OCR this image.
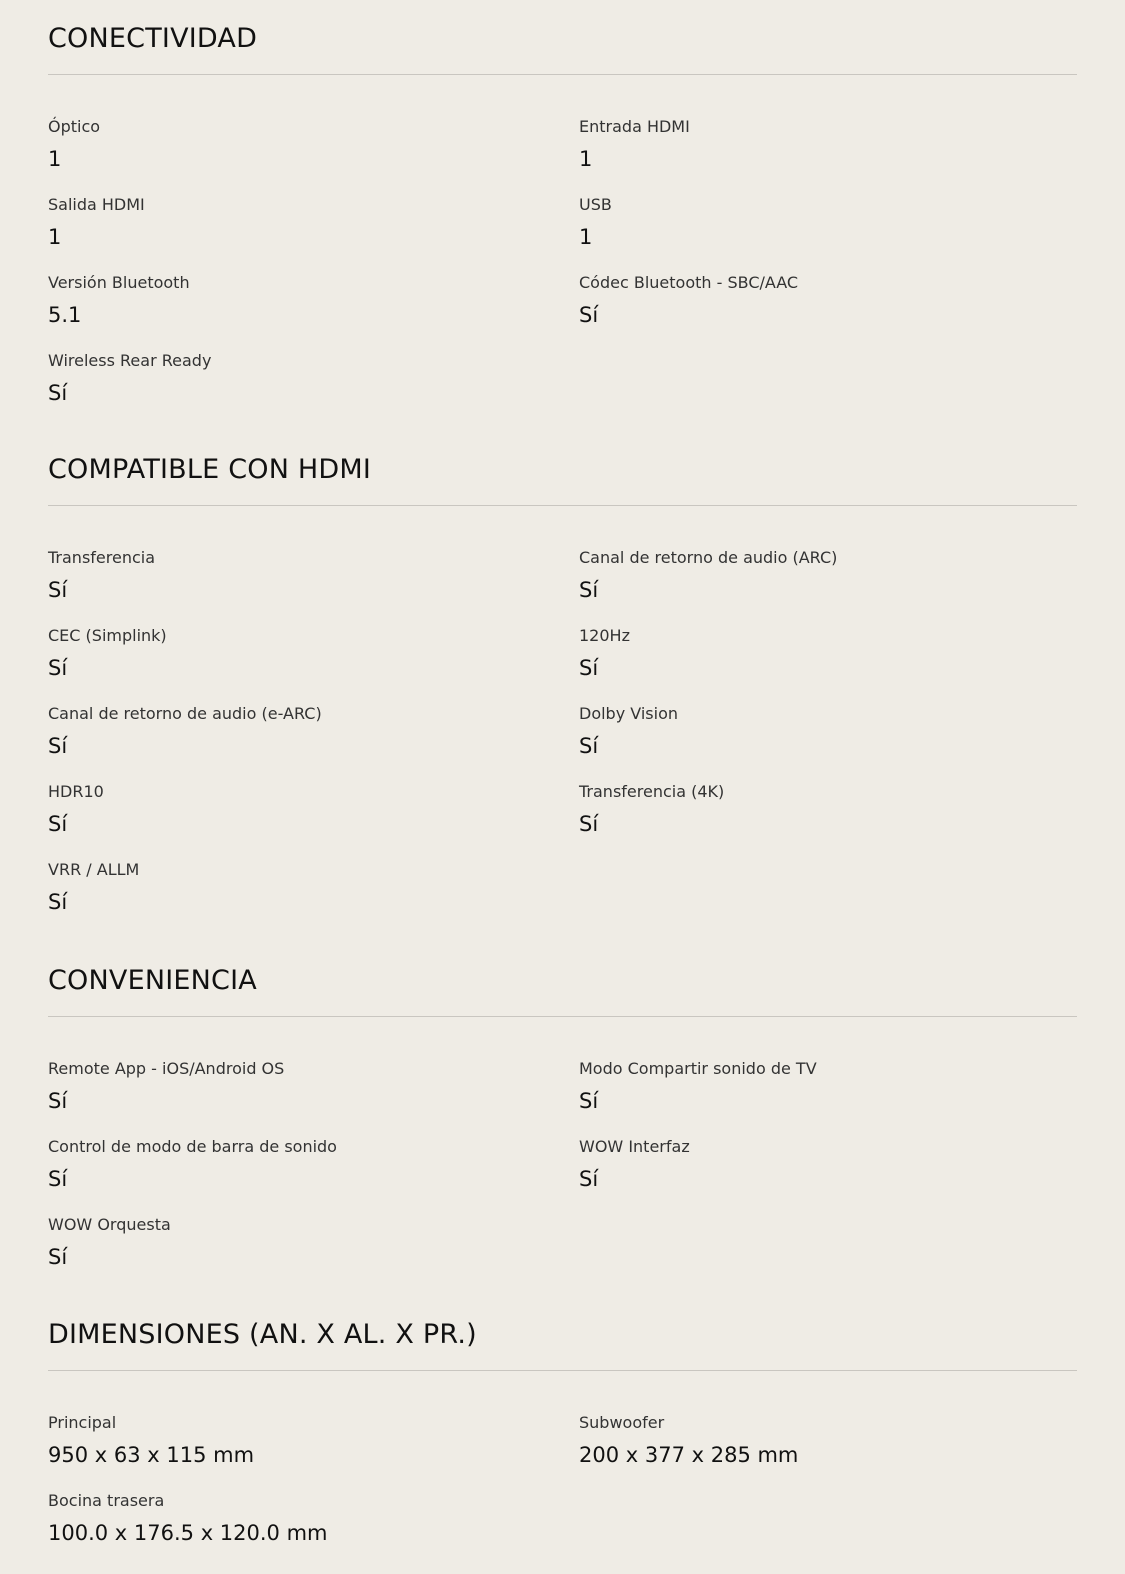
CONECTIVIDAD
Óptico
1
Entrada HDMI
1
Salida HDMI
1
USB
1
Versión Bluetooth
5.1
Códec Bluetooth - SBC/AAC
Sí
Wireless Rear Ready
Sí
COMPATIBLE CON HDMI
Transferencia
Sí
Canal de retorno de audio (ARC)
Sí
CEC (Simplink)
Sí
120Hz
Sí
Canal de retorno de audio (e-ARC)
Sí
Dolby Vision
Sí
HDR10
Sí
Transferencia (4K)
Sí
VRR / ALLM
Sí
CONVENIENCIA
Remote App - iOS/Android OS
Sí
Modo Compartir sonido de TV
Sí
Control de modo de barra de sonido
Sí
WOW Interfaz
Sí
WOW Orquesta
Sí
DIMENSIONES (AN. X AL. X PR.)
Principal
950 x 63 x 115 mm
Subwoofer
200 x 377 x 285 mm
Bocina trasera
100.0 x 176.5 x 120.0 mm
